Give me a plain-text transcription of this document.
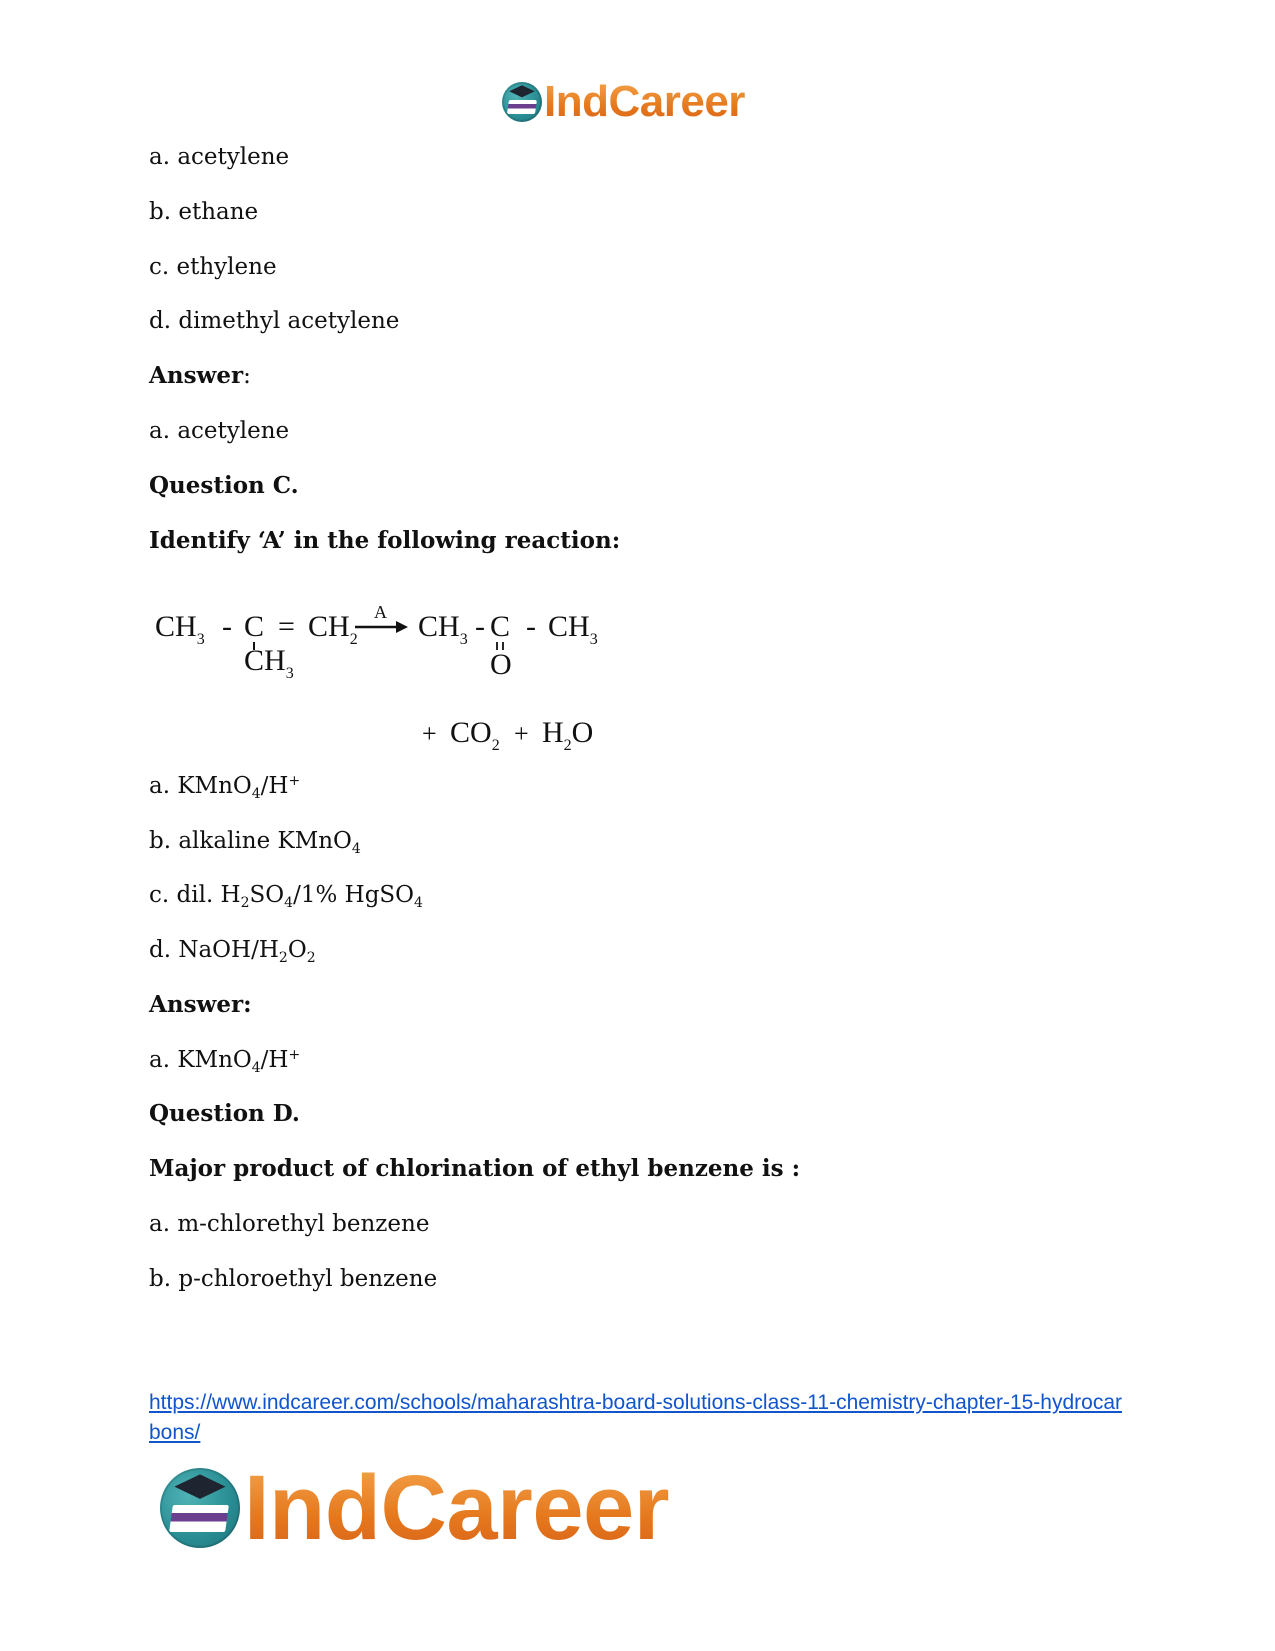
IndCareer
a. acetylene
b. ethane
c. ethylene
d. dimethyl acetylene
Answer:
a. acetylene
Question C.
Identify ‘A’ in the following reaction:
$CH_3$ - C
$CH_3$
= $CH_2$
A $CH_3$ - C
O
- $CH_3$
+ $CO_2 + H_2O$
a. KMnO$_4$/H+
b. alkaline KMnO$_4$
c. dil. $H_2SO_4/1\%$ HgSO$_4$
d. NaOH/$H_2O_2$
Answer:
a. KMnO$_4$/H+
Question D.
Major product of chlorination of ethyl benzene is :
a. m-chlorethyl benzene
b. p-chloroethyl benzene
https://www.indcareer.com/schools/maharashtra-board-solutions-class-11-chemistry-chapter-15-hydrocarbons/
IndCareer
